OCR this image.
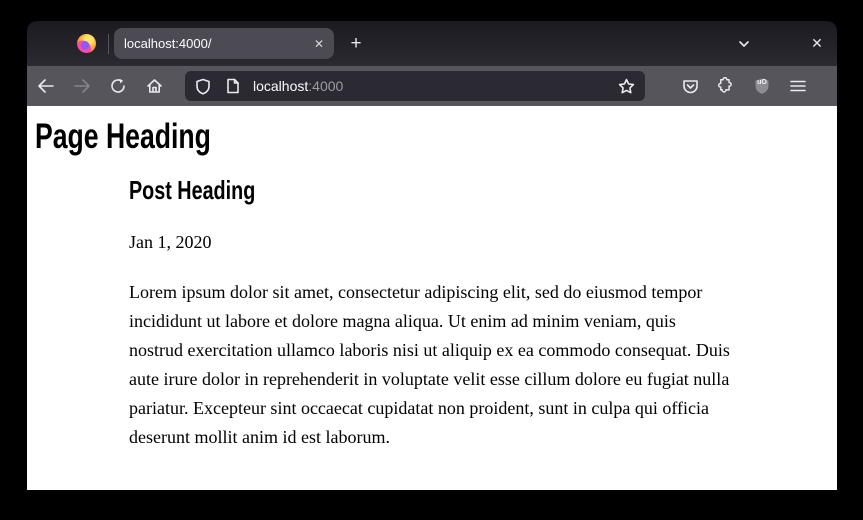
localhost:4000/	✕	+	✕
localhost:4000	uO
Page Heading
Post Heading
Jan 1, 2020

Lorem ipsum dolor sit amet, consectetur adipiscing elit, sed do eiusmod tempor incididunt ut labore et dolore magna aliqua. Ut enim ad minim veniam, quis nostrud exercitation ullamco laboris nisi ut aliquip ex ea commodo consequat. Duis aute irure dolor in reprehenderit in voluptate velit esse cillum dolore eu fugiat nulla pariatur. Excepteur sint occaecat cupidatat non proident, sunt in culpa qui officia deserunt mollit anim id est laborum.
